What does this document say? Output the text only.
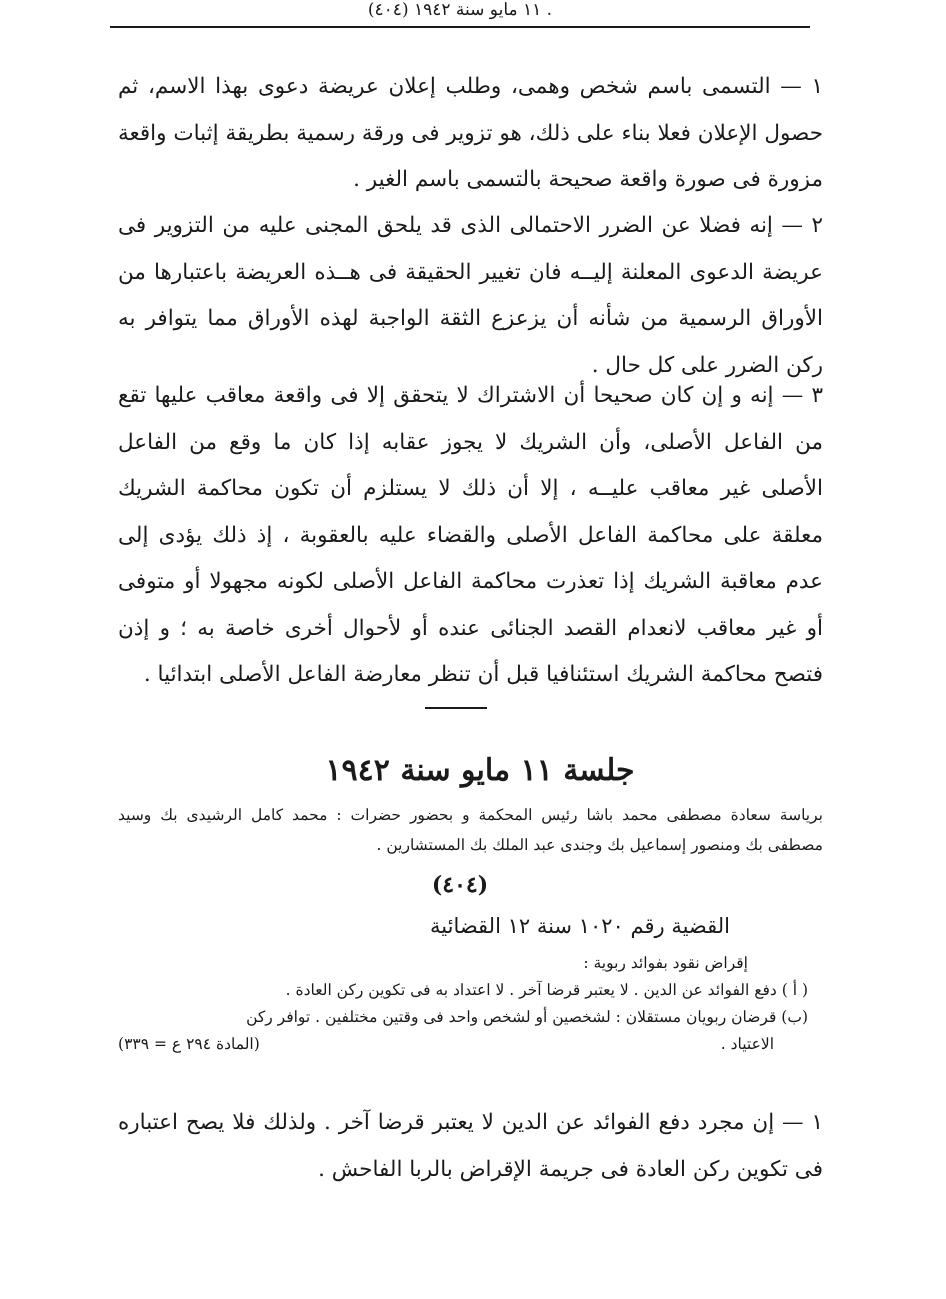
. ١١ مايو سنة ١٩٤٢ (٤٠٤)
١ — التسمى باسم شخص وهمى، وطلب إعلان عريضة دعوى بهذا الاسم، ثم حصول الإعلان فعلا بناء على ذلك، هو تزوير فى ورقة رسمية بطريقة إثبات واقعة مزورة فى صورة واقعة صحيحة بالتسمى باسم الغير .
٢ — إنه فضلا عن الضرر الاحتمالى الذى قد يلحق المجنى عليه من التزوير فى عريضة الدعوى المعلنة إليــه فان تغيير الحقيقة فى هــذه العريضة باعتبارها من الأوراق الرسمية من شأنه أن يزعزع الثقة الواجبة لهذه الأوراق مما يتوافر به ركن الضرر على كل حال .
٣ — إنه و إن كان صحيحا أن الاشتراك لا يتحقق إلا فى واقعة معاقب عليها تقع من الفاعل الأصلى، وأن الشريك لا يجوز عقابه إذا كان ما وقع من الفاعل الأصلى غير معاقب عليــه ، إلا أن ذلك لا يستلزم أن تكون محاكمة الشريك معلقة على محاكمة الفاعل الأصلى والقضاء عليه بالعقوبة ، إذ ذلك يؤدى إلى عدم معاقبة الشريك إذا تعذرت محاكمة الفاعل الأصلى لكونه مجهولا أو متوفى أو غير معاقب لانعدام القصد الجنائى عنده أو لأحوال أخرى خاصة به ؛ و إذن فتصح محاكمة الشريك استئنافيا قبل أن تنظر معارضة الفاعل الأصلى ابتدائيا .
جلسة ١١ مايو سنة ١٩٤٢
برياسة سعادة مصطفى محمد باشا رئيس المحكمة و بحضور حضرات : محمد كامل الرشيدى بك وسيد مصطفى بك ومنصور إسماعيل بك وجندى عبد الملك بك المستشارين .
(٤٠٤)
القضية رقم ١٠٢٠ سنة ١٢ القضائية

إقراض نقود بفوائد ربوية :

( أ ) دفع الفوائد عن الدين . لا يعتبر قرضا آخر . لا اعتداد به فى تكوين ركن العادة .

(ب) قرضان ربويان مستقلان : لشخصين أو لشخص واحد فى وقتين مختلفين . توافر ركن

الاعتياد .
(المادة ٢٩٤ ع = ٣٣٩)
١ — إن مجرد دفع الفوائد عن الدين لا يعتبر قرضا آخر . ولذلك فلا يصح اعتباره فى تكوين ركن العادة فى جريمة الإقراض بالربا الفاحش .
